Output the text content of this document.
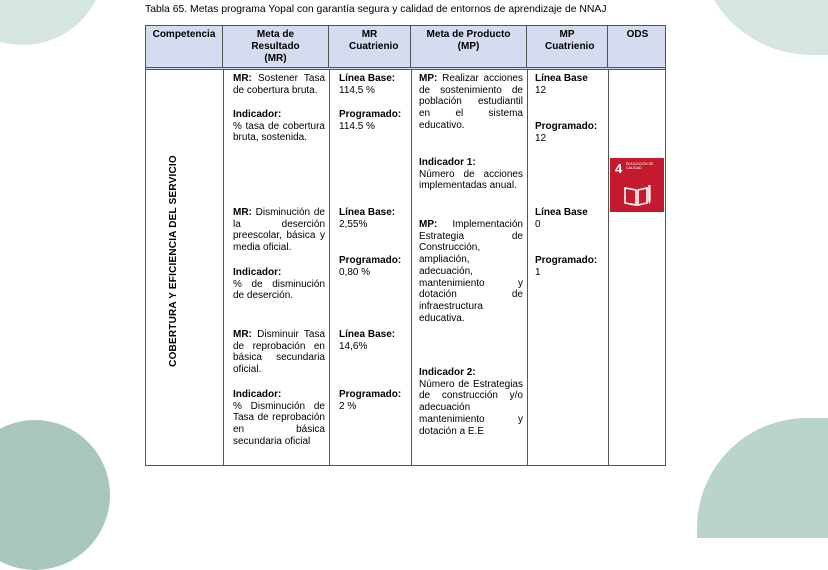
Tabla 65. Metas programa Yopal con garantía segura y calidad de entornos de aprendizaje de NNAJ
Competencia	Meta de Resultado (MR)
MR Cuatrienio
Meta de Producto (MP)
MP Cuatrienio
ODS
COBERTURA Y EFICIENCIA DEL SERVICIO
MR: Sostener Tasa de cobertura bruta.
Indicador:

% tasa de cobertura bruta, sostenida.
MR: Disminución de la deserción preescolar, básica y media oficial.
Indicador:

% de disminución de deserción.
MR: Disminuir Tasa de reprobación en básica secundaria oficial.
Indicador:

% Disminución de Tasa de reprobación en básica secundaria oficial
Línea Base:
114,5 %
Programado:
114.5 %
Línea Base:
2,55%
Programado:
0,80 %
Línea Base:
14,6%
Programado:
2 %
MP: Realizar acciones de sostenimiento de población estudiantil en el sistema educativo.
Indicador 1:

Número de acciones implementadas anual.
MP: Implementación Estrategia de Construcción, ampliación, adecuación, mantenimiento y dotación de infraestructura educativa.
Indicador 2:

Número de Estrategias de construcción y/o adecuación mantenimiento y dotación a E.E
Línea Base
12
Programado:
12
Línea Base
0
Programado:
1
4 EDUCACIÓN DE CALIDAD
